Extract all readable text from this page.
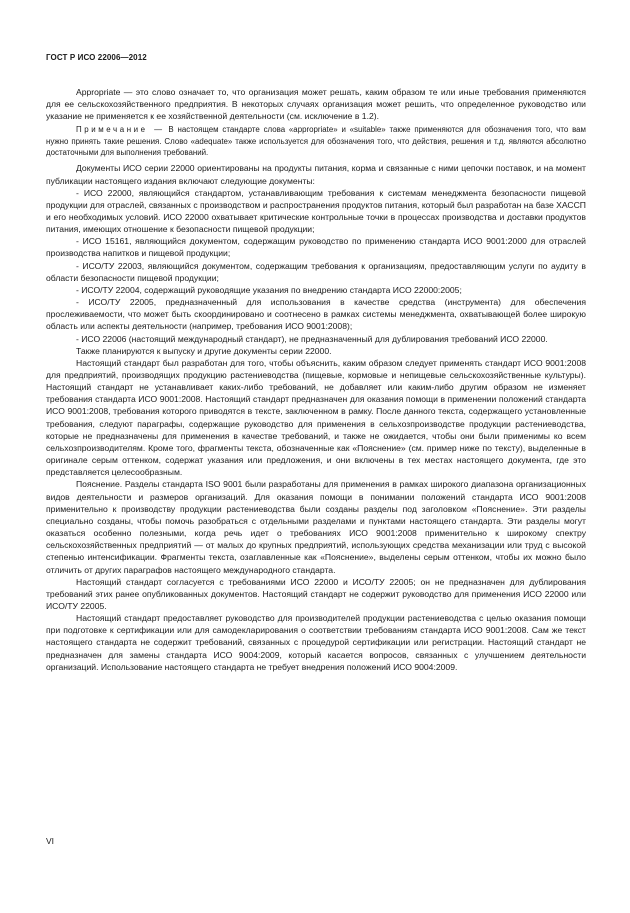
ГОСТ Р ИСО 22006—2012

Appropriate — это слово означает то, что организация может решать, каким образом те или иные требования применяются для ее сельскохозяйственного предприятия. В некоторых случаях организация может решить, что определенное руководство или указание не применяется к ее хозяйственной деятельности (см. исключение в 1.2).

Примечание — В настоящем стандарте слова «appropriate» и «suitable» также применяются для обозначения того, что вам нужно принять такие решения. Слово «adequate» также используется для обозначения того, что действия, решения и т.д. являются абсолютно достаточными для выполнения требований.

Документы ИСО серии 22000 ориентированы на продукты питания, корма и связанные с ними цепочки поставок, и на момент публикации настоящего издания включают следующие документы:

- ИСО 22000, являющийся стандартом, устанавливающим требования к системам менеджмента безопасности пищевой продукции для отраслей, связанных с производством и распространения продуктов питания, который был разработан на базе ХАССП и его необходимых условий. ИСО 22000 охватывает критические контрольные точки в процессах производства и доставки продуктов питания, имеющих отношение к безопасности пищевой продукции;

- ИСО 15161, являющийся документом, содержащим руководство по применению стандарта ИСО 9001:2000 для отраслей производства напитков и пищевой продукции;

- ИСО/ТУ 22003, являющийся документом, содержащим требования к организациям, предоставляющим услуги по аудиту в области безопасности пищевой продукции;

- ИСО/ТУ 22004, содержащий руководящие указания по внедрению стандарта ИСО 22000:2005;

- ИСО/ТУ 22005, предназначенный для использования в качестве средства (инструмента) для обеспечения прослеживаемости, что может быть скоординировано и соотнесено в рамках системы менеджмента, охватывающей более широкую область или аспекты деятельности (например, требования ИСО 9001:2008);

- ИСО 22006 (настоящий международный стандарт), не предназначенный для дублирования требований ИСО 22000.

Также планируются к выпуску и другие документы серии 22000.

Настоящий стандарт был разработан для того, чтобы объяснить, каким образом следует применять стандарт ИСО 9001:2008 для предприятий, производящих продукцию растениеводства (пищевые, кормовые и непищевые сельскохозяйственные культуры). Настоящий стандарт не устанавливает каких-либо требований, не добавляет или каким-либо другим образом не изменяет требования стандарта ИСО 9001:2008. Настоящий стандарт предназначен для оказания помощи в применении положений стандарта ИСО 9001:2008, требования которого приводятся в тексте, заключенном в рамку. После данного текста, содержащего установленные требования, следуют параграфы, содержащие руководство для применения в сельхозпроизводстве продукции растениеводства, которые не предназначены для применения в качестве требований, и также не ожидается, чтобы они были применимы ко всем сельхозпроизводителям. Кроме того, фрагменты текста, обозначенные как «Пояснение» (см. пример ниже по тексту), выделенные в оригинале серым оттенком, содержат указания или предложения, и они включены в тех местах настоящего документа, где это представляется целесообразным.

Пояснение. Разделы стандарта ISO 9001 были разработаны для применения в рамках широкого диапазона организационных видов деятельности и размеров организаций. Для оказания помощи в понимании положений стандарта ИСО 9001:2008 применительно к производству продукции растениеводства были созданы разделы под заголовком «Пояснение». Эти разделы специально созданы, чтобы помочь разобраться с отдельными разделами и пунктами настоящего стандарта. Эти разделы могут оказаться особенно полезными, когда речь идет о требованиях ИСО 9001:2008 применительно к широкому спектру сельскохозяйственных предприятий — от малых до крупных предприятий, использующих средства механизации или труд с высокой степенью интенсификации. Фрагменты текста, озаглавленные как «Пояснение», выделены серым оттенком, чтобы их можно было отличить от других параграфов настоящего международного стандарта.

Настоящий стандарт согласуется с требованиями ИСО 22000 и ИСО/ТУ 22005; он не предназначен для дублирования требований этих ранее опубликованных документов. Настоящий стандарт не содержит руководство для применения ИСО 22000 или ИСО/ТУ 22005.

Настоящий стандарт предоставляет руководство для производителей продукции растениеводства с целью оказания помощи при подготовке к сертификации или для самодекларирования о соответствии требованиям стандарта ИСО 9001:2008. Сам же текст настоящего стандарта не содержит требований, связанных с процедурой сертификации или регистрации. Настоящий стандарт не предназначен для замены стандарта ИСО 9004:2009, который касается вопросов, связанных с улучшением деятельности организаций. Использование настоящего стандарта не требует внедрения положений ИСО 9004:2009.

VI
